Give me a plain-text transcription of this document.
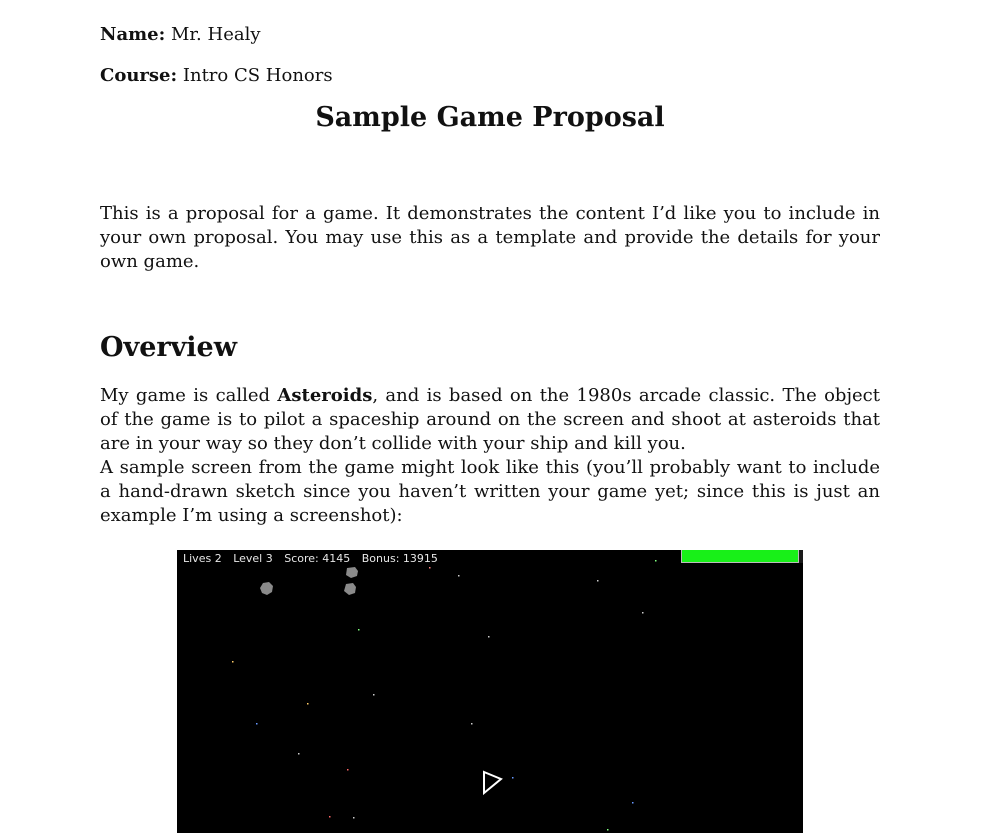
Name: Mr. Healy
Course: Intro CS Honors
Sample Game Proposal

This is a proposal for a game. It demonstrates the content I’d like you to include in your own proposal. You may use this as a template and provide the details for your own game.

Overview

My game is called Asteroids, and is based on the 1980s arcade classic. The object of the game is to pilot a spaceship around on the screen and shoot at asteroids that are in your way so they don’t collide with your ship and kill you.

A sample screen from the game might look like this (you’ll probably want to include a hand-drawn sketch since you haven’t written your game yet; since this is just an example I’m using a screenshot):

Lives 2 Level 3 Score: 4145 Bonus: 13915
